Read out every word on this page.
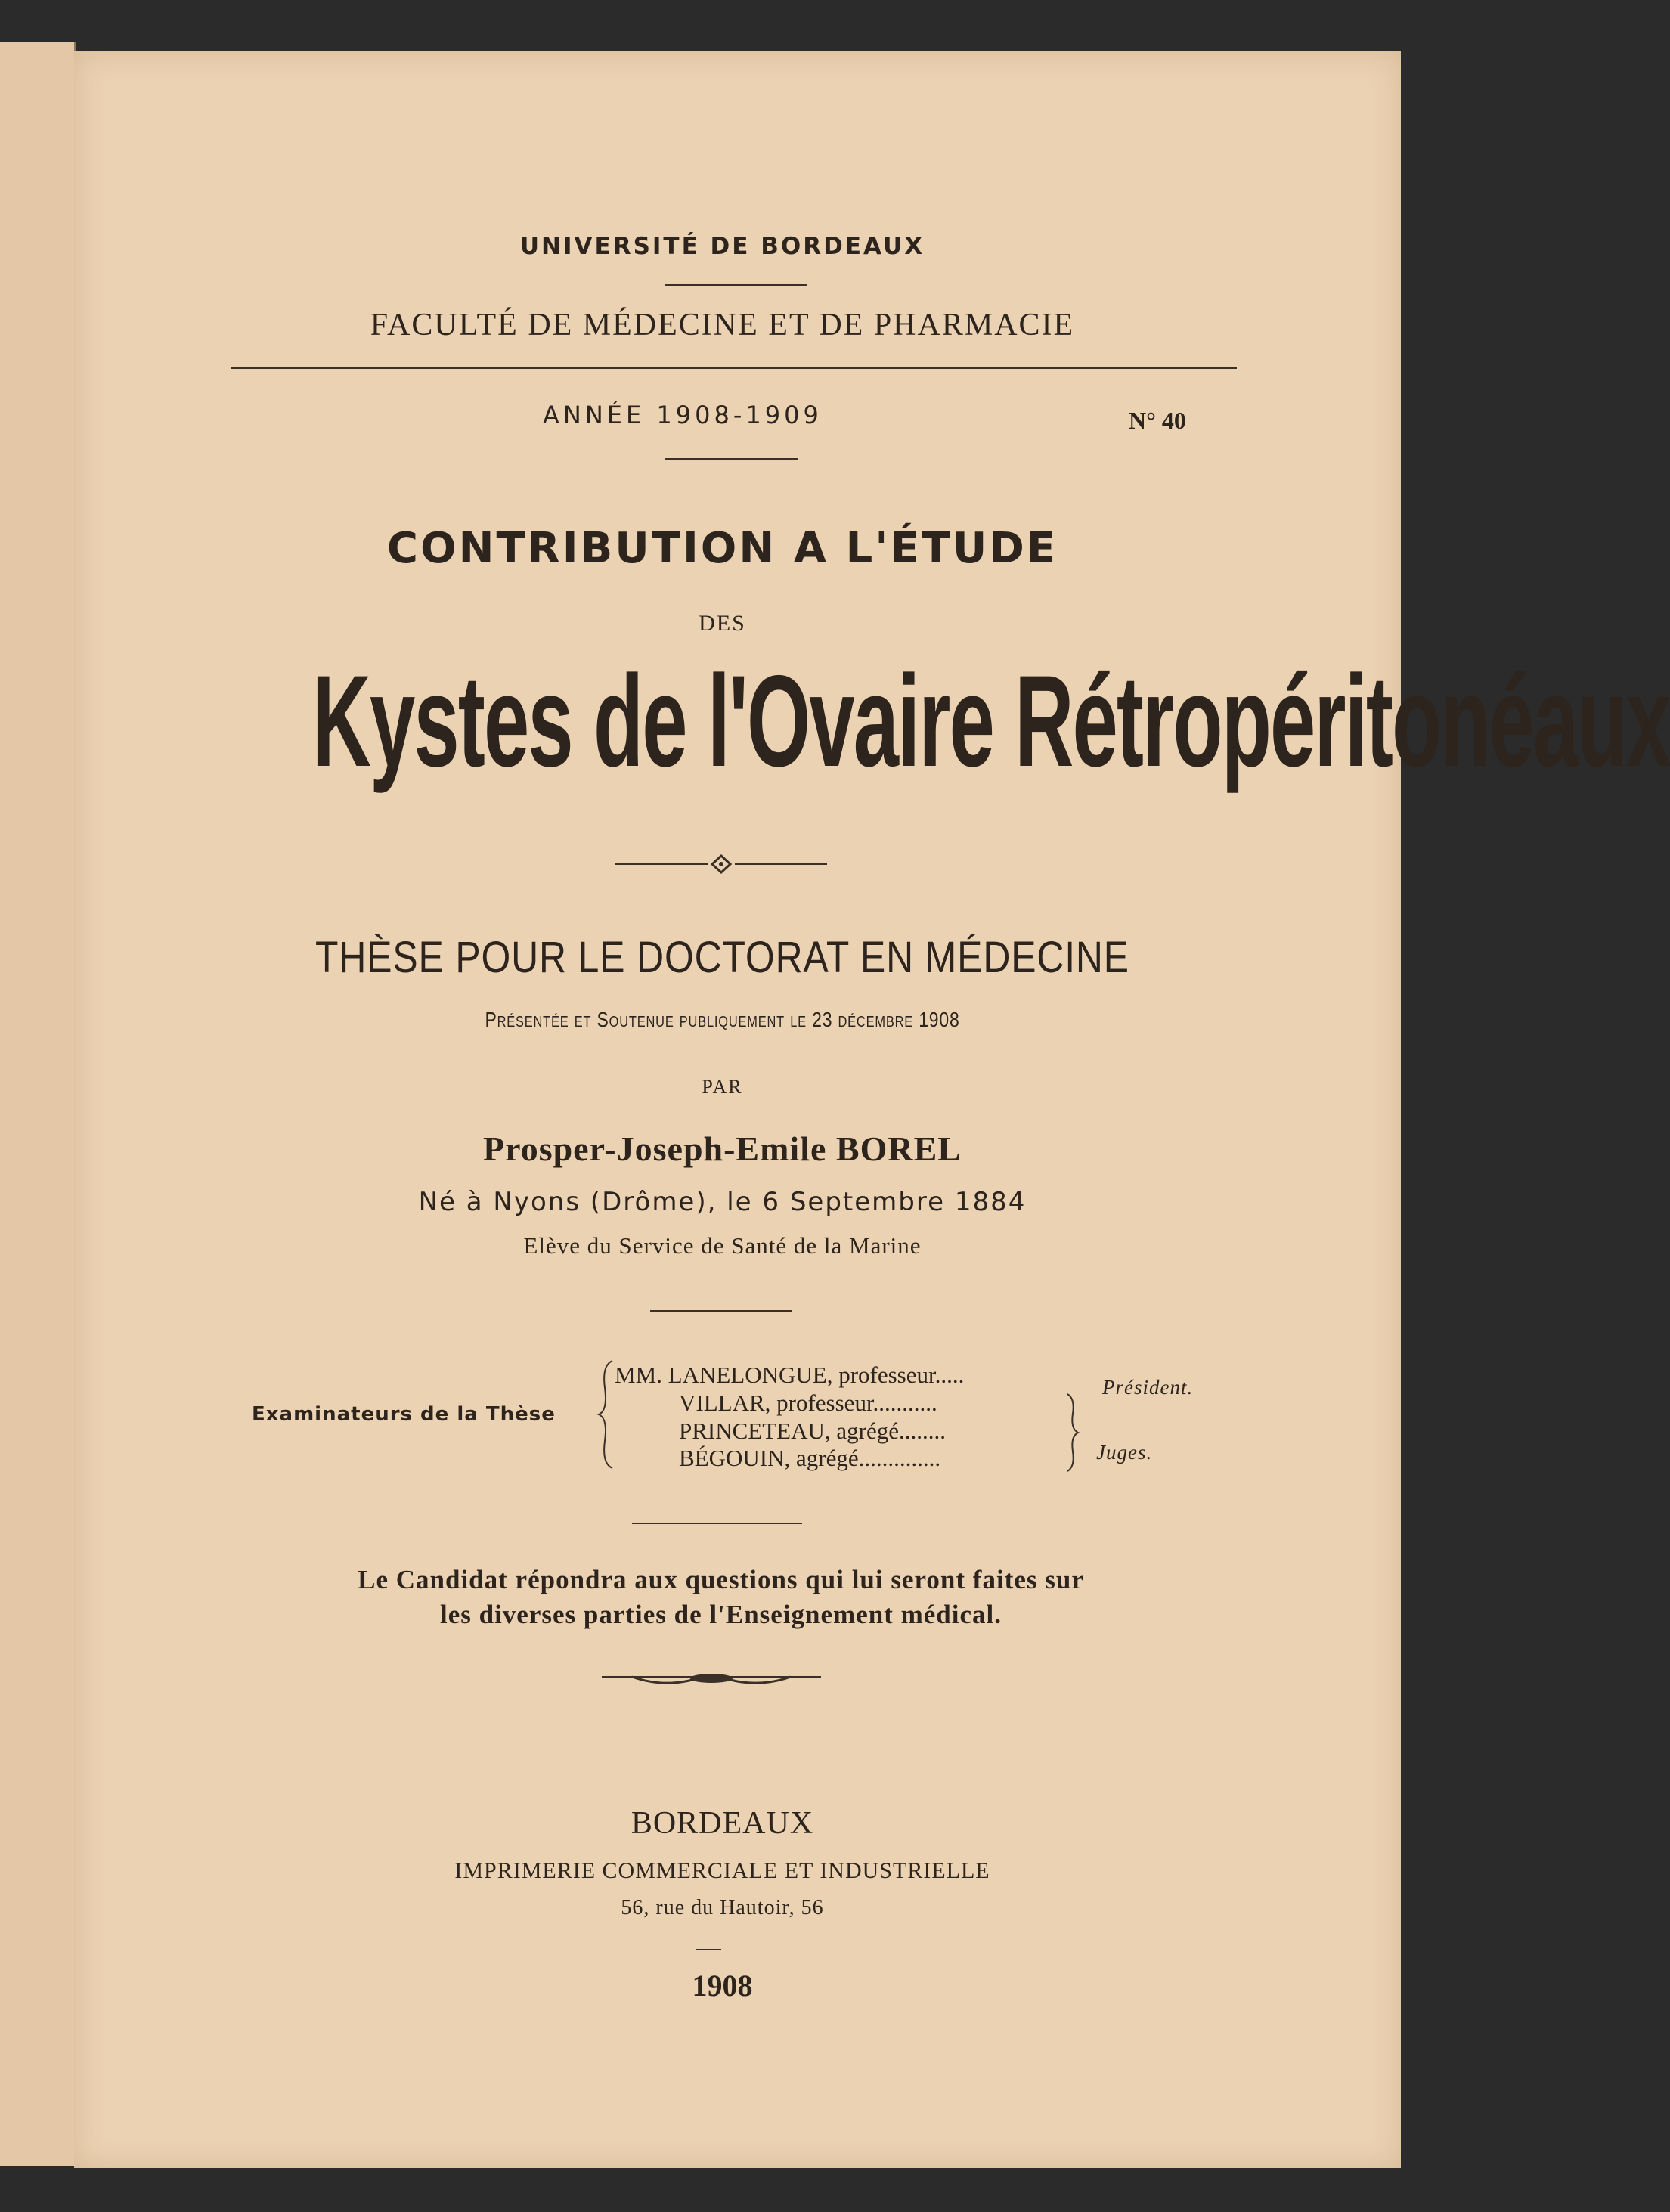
UNIVERSITÉ DE BORDEAUX
FACULTÉ DE MÉDECINE ET DE PHARMACIE
ANNÉE 1908-1909	N° 40
CONTRIBUTION A L'ÉTUDE
DES
Kystes de l'Ovaire Rétropéritonéaux
THÈSE POUR LE DOCTORAT EN MÉDECINE
Présentée et Soutenue publiquement le 23 décembre 1908
PAR
Prosper-Joseph-Emile BOREL
Né à Nyons (Drôme), le 6 Septembre 1884
Elève du Service de Santé de la Marine
Examinateurs de la Thèse
MM. LANELONGUE, professeur.....
VILLAR, professeur...........
PRINCETEAU, agrégé........
BÉGOUIN, agrégé..............
Président.
Juges.
Le Candidat répondra aux questions qui lui seront faites sur
les diverses parties de l'Enseignement médical.
BORDEAUX
IMPRIMERIE COMMERCIALE ET INDUSTRIELLE
56, rue du Hautoir, 56
1908
